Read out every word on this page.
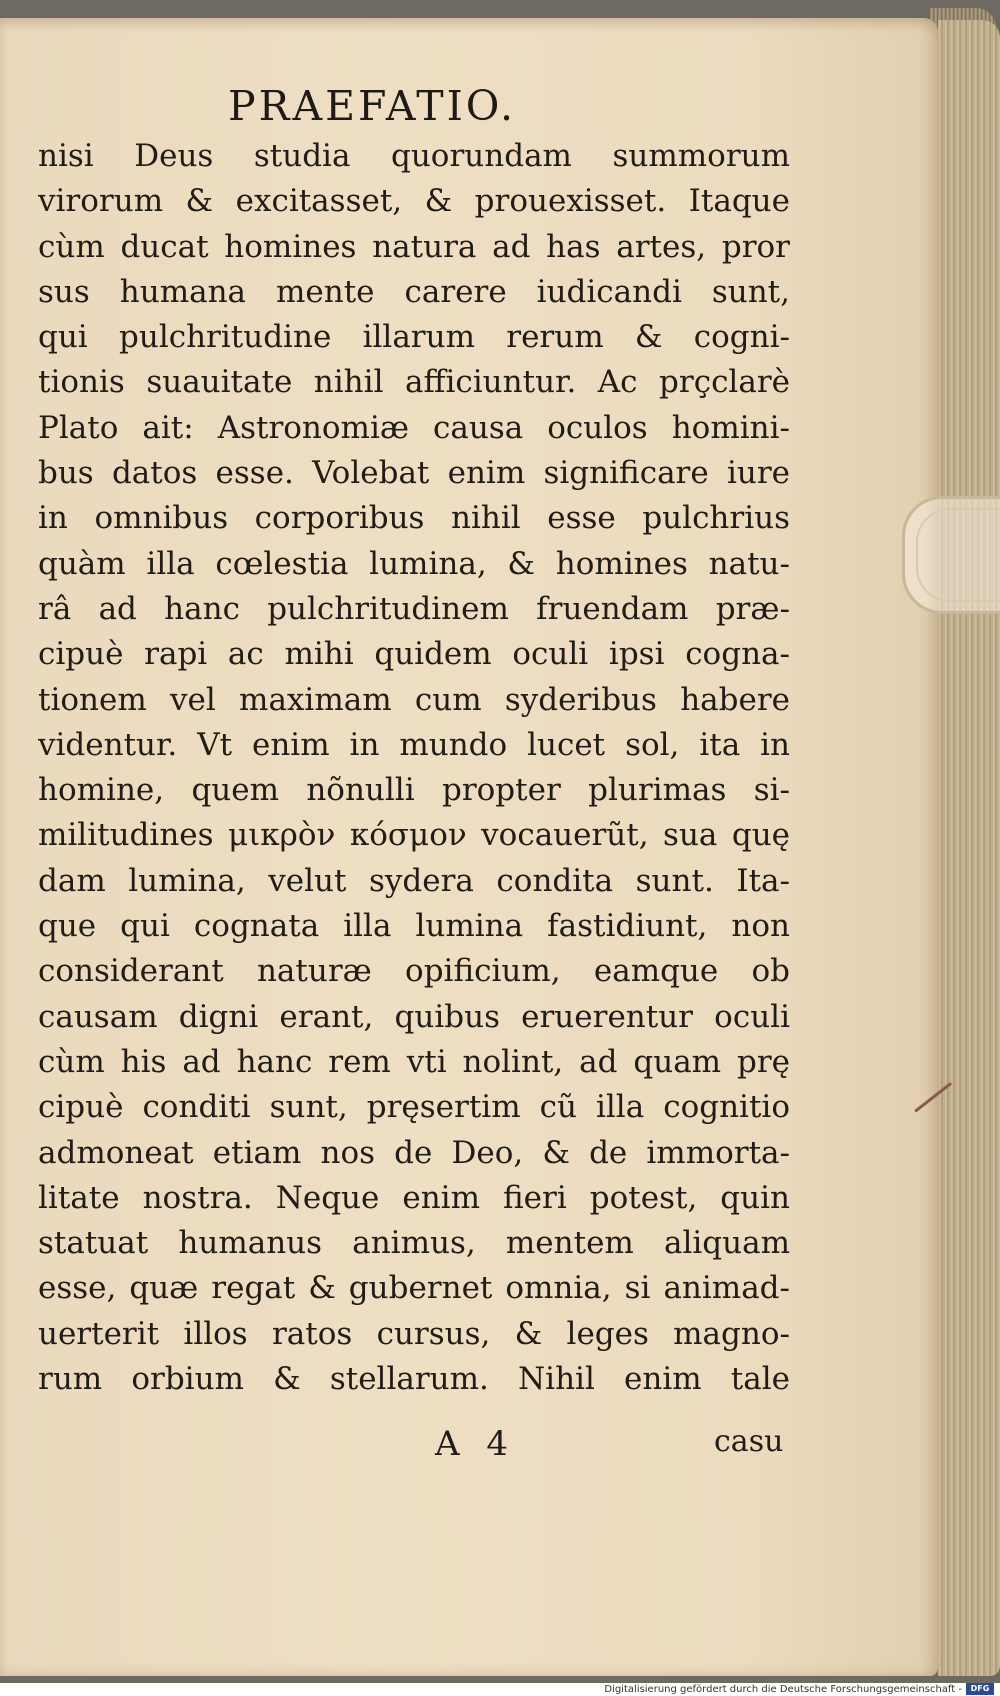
PRAEFATIO.
nisi Deus studia quorundam summorum
virorum & excitasset, & prouexisset. Itaque
cùm ducat homines natura ad has artes, pror
sus humana mente carere iudicandi sunt,
qui pulchritudine illarum rerum & cogni-
tionis suauitate nihil afficiuntur. Ac prçclarè
Plato ait: Astronomiæ causa oculos homini-
bus datos esse. Volebat enim significare iure
in omnibus corporibus nihil esse pulchrius
quàm illa cœlestia lumina, & homines natu-
râ ad hanc pulchritudinem fruendam præ-
cipuè rapi ac mihi quidem oculi ipsi cogna-
tionem vel maximam cum syderibus habere
videntur. Vt enim in mundo lucet sol, ita in
homine, quem nõnulli propter plurimas si-
militudines μικρὸν κόσμον vocauerũt, sua quę
dam lumina, velut sydera condita sunt. Ita-
que qui cognata illa lumina fastidiunt, non
considerant naturæ opificium, eamque ob
causam digni erant, quibus eruerentur oculi
cùm his ad hanc rem vti nolint, ad quam prę
cipuè conditi sunt, pręsertim cũ illa cognitio
admoneat etiam nos de Deo, & de immorta-
litate nostra. Neque enim fieri potest, quin
statuat humanus animus, mentem aliquam
esse, quæ regat & gubernet omnia, si animad-
uerterit illos ratos cursus, & leges magno-
rum orbium & stellarum. Nihil enim tale
A 4	casu
Digitalisierung gefördert durch die Deutsche Forschungsgemeinschaft -	DFG
